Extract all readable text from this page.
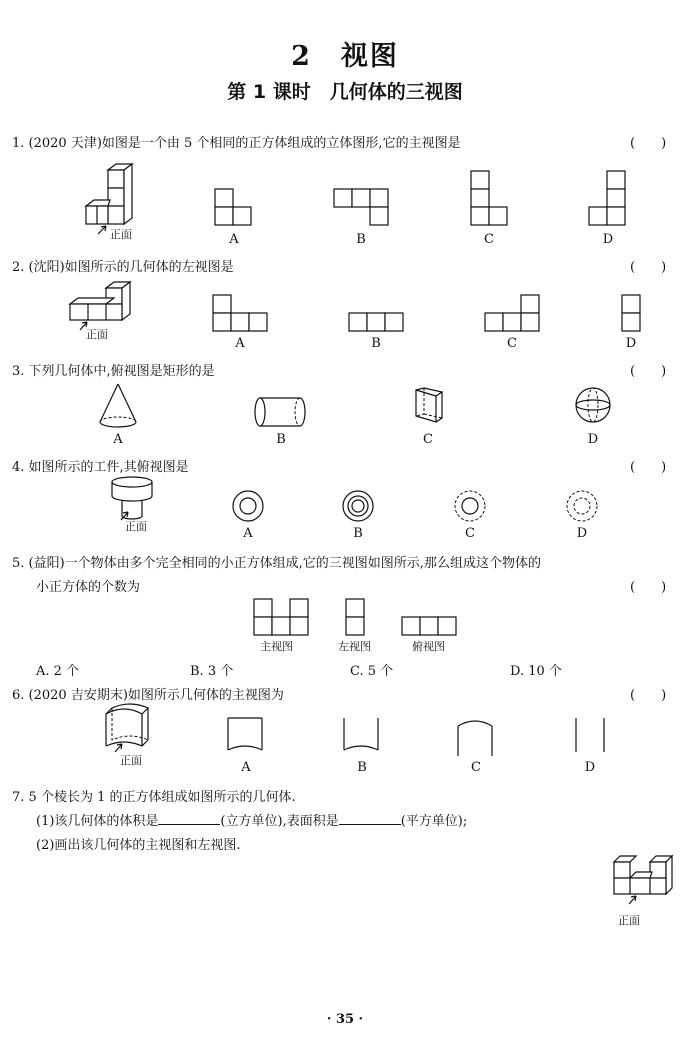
2　视图
第 1 课时　几何体的三视图
1. (2020 天津)如图是一个由 5 个相同的正方体组成的立体图形,它的主视图是	(　　)
正面	A	B	C	D
2. (沈阳)如图所示的几何体的左视图是	(　　)
正面
A	B	C	D
3. 下列几何体中,俯视图是矩形的是	(　　)
A	B	C	D
4. 如图所示的工件,其俯视图是	(　　)
正面	A	B	C	D
5. (益阳)一个物体由多个完全相同的小正方体组成,它的三视图如图所示,那么组成这个物体的
小正方体的个数为	(　　)
主视图	左视图	俯视图
A. 2 个	B. 3 个	C. 5 个	D. 10 个
6. (2020 吉安期末)如图所示几何体的主视图为	(　　)
正面	A	B	C	D
7. 5 个棱长为 1 的正方体组成如图所示的几何体.
(1)该几何体的体积是	(立方单位),表面积是	(平方单位);
(2)画出该几何体的主视图和左视图.
正面
· 35 ·
